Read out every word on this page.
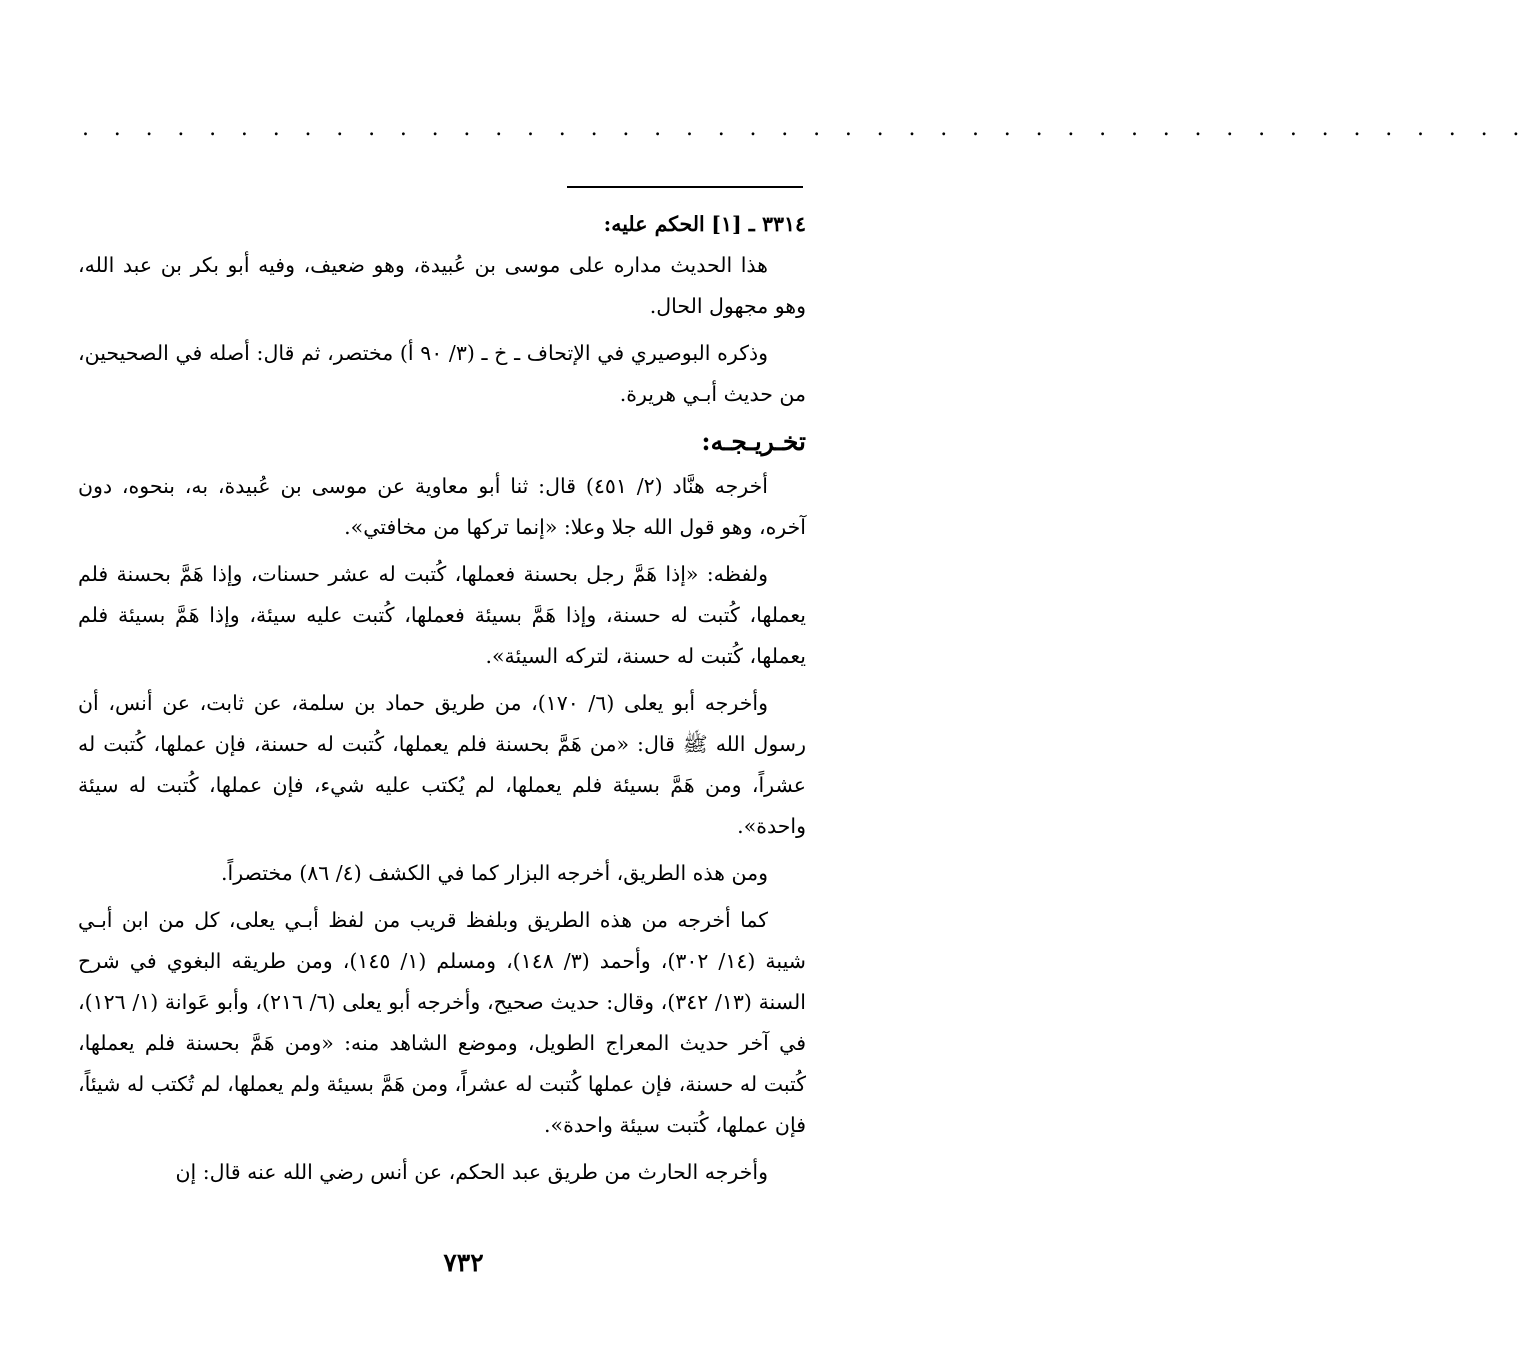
. . . . . . . . . . . . . . . . . . . . . . . . . . . . . . . . . . . . . . . . . . . . . .

٣٣١٤ ـ [١] الحكم عليه:

هذا الحديث مداره على موسى بن عُبيدة، وهو ضعيف، وفيه أبو بكر بن عبد الله، وهو مجهول الحال.

وذكره البوصيري في الإتحاف ـ خ ـ (٣/ ٩٠ أ) مختصر، ثم قال: أصله في الصحيحين، من حديث أبـي هريرة.

تخـريـجـه:

أخرجه هنَّاد (٢/ ٤٥١) قال: ثنا أبو معاوية عن موسى بن عُبيدة، به، بنحوه، دون آخره، وهو قول الله جلا وعلا: «إنما تركها من مخافتي».

ولفظه: «إذا هَمَّ رجل بحسنة فعملها، كُتبت له عشر حسنات، وإذا هَمَّ بحسنة فلم يعملها، كُتبت له حسنة، وإذا هَمَّ بسيئة فعملها، كُتبت عليه سيئة، وإذا هَمَّ بسيئة فلم يعملها، كُتبت له حسنة، لتركه السيئة».

وأخرجه أبو يعلى (٦/ ١٧٠)، من طريق حماد بن سلمة، عن ثابت، عن أنس، أن رسول الله ﷺ قال: «من هَمَّ بحسنة فلم يعملها، كُتبت له حسنة، فإن عملها، كُتبت له عشراً، ومن هَمَّ بسيئة فلم يعملها، لم يُكتب عليه شيء، فإن عملها، كُتبت له سيئة واحدة».

ومن هذه الطريق، أخرجه البزار كما في الكشف (٤/ ٨٦) مختصراً.

كما أخرجه من هذه الطريق وبلفظ قريب من لفظ أبـي يعلى، كل من ابن أبـي شيبة (١٤/ ٣٠٢)، وأحمد (٣/ ١٤٨)، ومسلم (١/ ١٤٥)، ومن طريقه البغوي في شرح السنة (١٣/ ٣٤٢)، وقال: حديث صحيح، وأخرجه أبو يعلى (٦/ ٢١٦)، وأبو عَوانة (١/ ١٢٦)، في آخر حديث المعراج الطويل، وموضع الشاهد منه: «ومن هَمَّ بحسنة فلم يعملها، كُتبت له حسنة، فإن عملها كُتبت له عشراً، ومن هَمَّ بسيئة ولم يعملها، لم تُكتب له شيئاً، فإن عملها، كُتبت سيئة واحدة».

وأخرجه الحارث من طريق عبد الحكم، عن أنس رضي الله عنه قال: إن

٧٣٢
